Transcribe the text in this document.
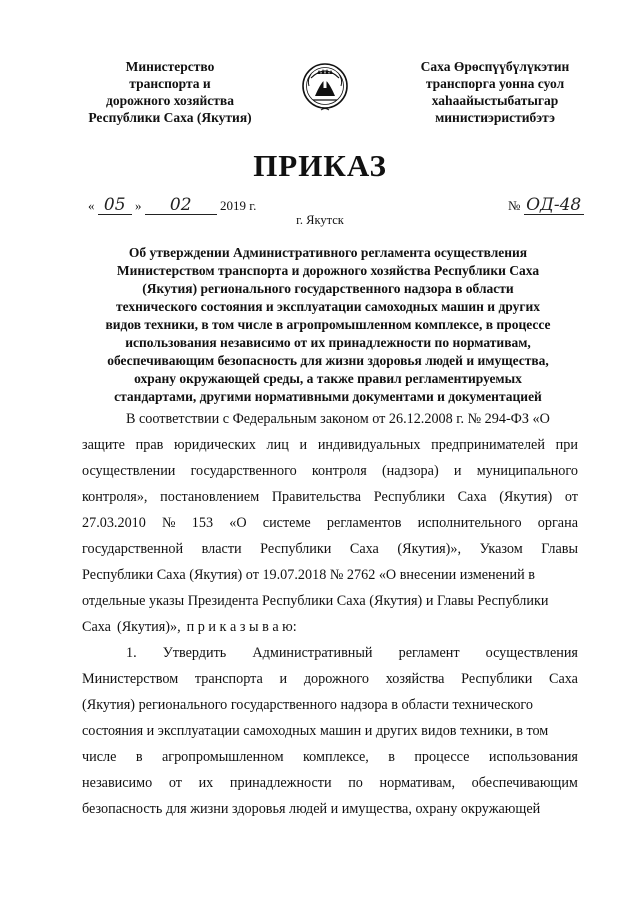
Министерство
транспорта и
дорожного хозяйства
Республики Саха (Якутия)
Саха Өрөспүүбүлүкэтин
транспорга уонна суол
хаһаайыстыбатыгар
министиэристибэтэ
ПРИКАЗ
« 05 » 02 2019 г.	№ ОД-48
г. Якутск
Об утверждении Административного регламента осуществления
Министерством транспорта и дорожного хозяйства Республики Саха
(Якутия) регионального государственного надзора в области
технического состояния и эксплуатации самоходных машин и других
видов техники, в том числе в агропромышленном комплексе, в процессе
использования независимо от их принадлежности по нормативам,
обеспечивающим безопасность для жизни здоровья людей и имущества,
охрану окружающей среды, а также правил регламентируемых
стандартами, другими нормативными документами и документацией
В соответствии с Федеральным законом от 26.12.2008 г. № 294-ФЗ «О
защите прав юридических лиц и индивидуальных предпринимателей при
осуществлении государственного контроля (надзора) и муниципального
контроля», постановлением Правительства Республики Саха (Якутия) от
27.03.2010 № 153 «О системе регламентов исполнительного органа
государственной власти Республики Саха (Якутия)», Указом Главы
Республики Саха (Якутия) от 19.07.2018 № 2762 «О внесении изменений в
отдельные указы Президента Республики Саха (Якутия) и Главы Республики
Саха (Якутия)», п р и к а з ы в а ю:
1. Утвердить Административный регламент осуществления
Министерством транспорта и дорожного хозяйства Республики Саха
(Якутия) регионального государственного надзора в области технического
состояния и эксплуатации самоходных машин и других видов техники, в том
числе в агропромышленном комплексе, в процессе использования
независимо от их принадлежности по нормативам, обеспечивающим
безопасность для жизни здоровья людей и имущества, охрану окружающей
